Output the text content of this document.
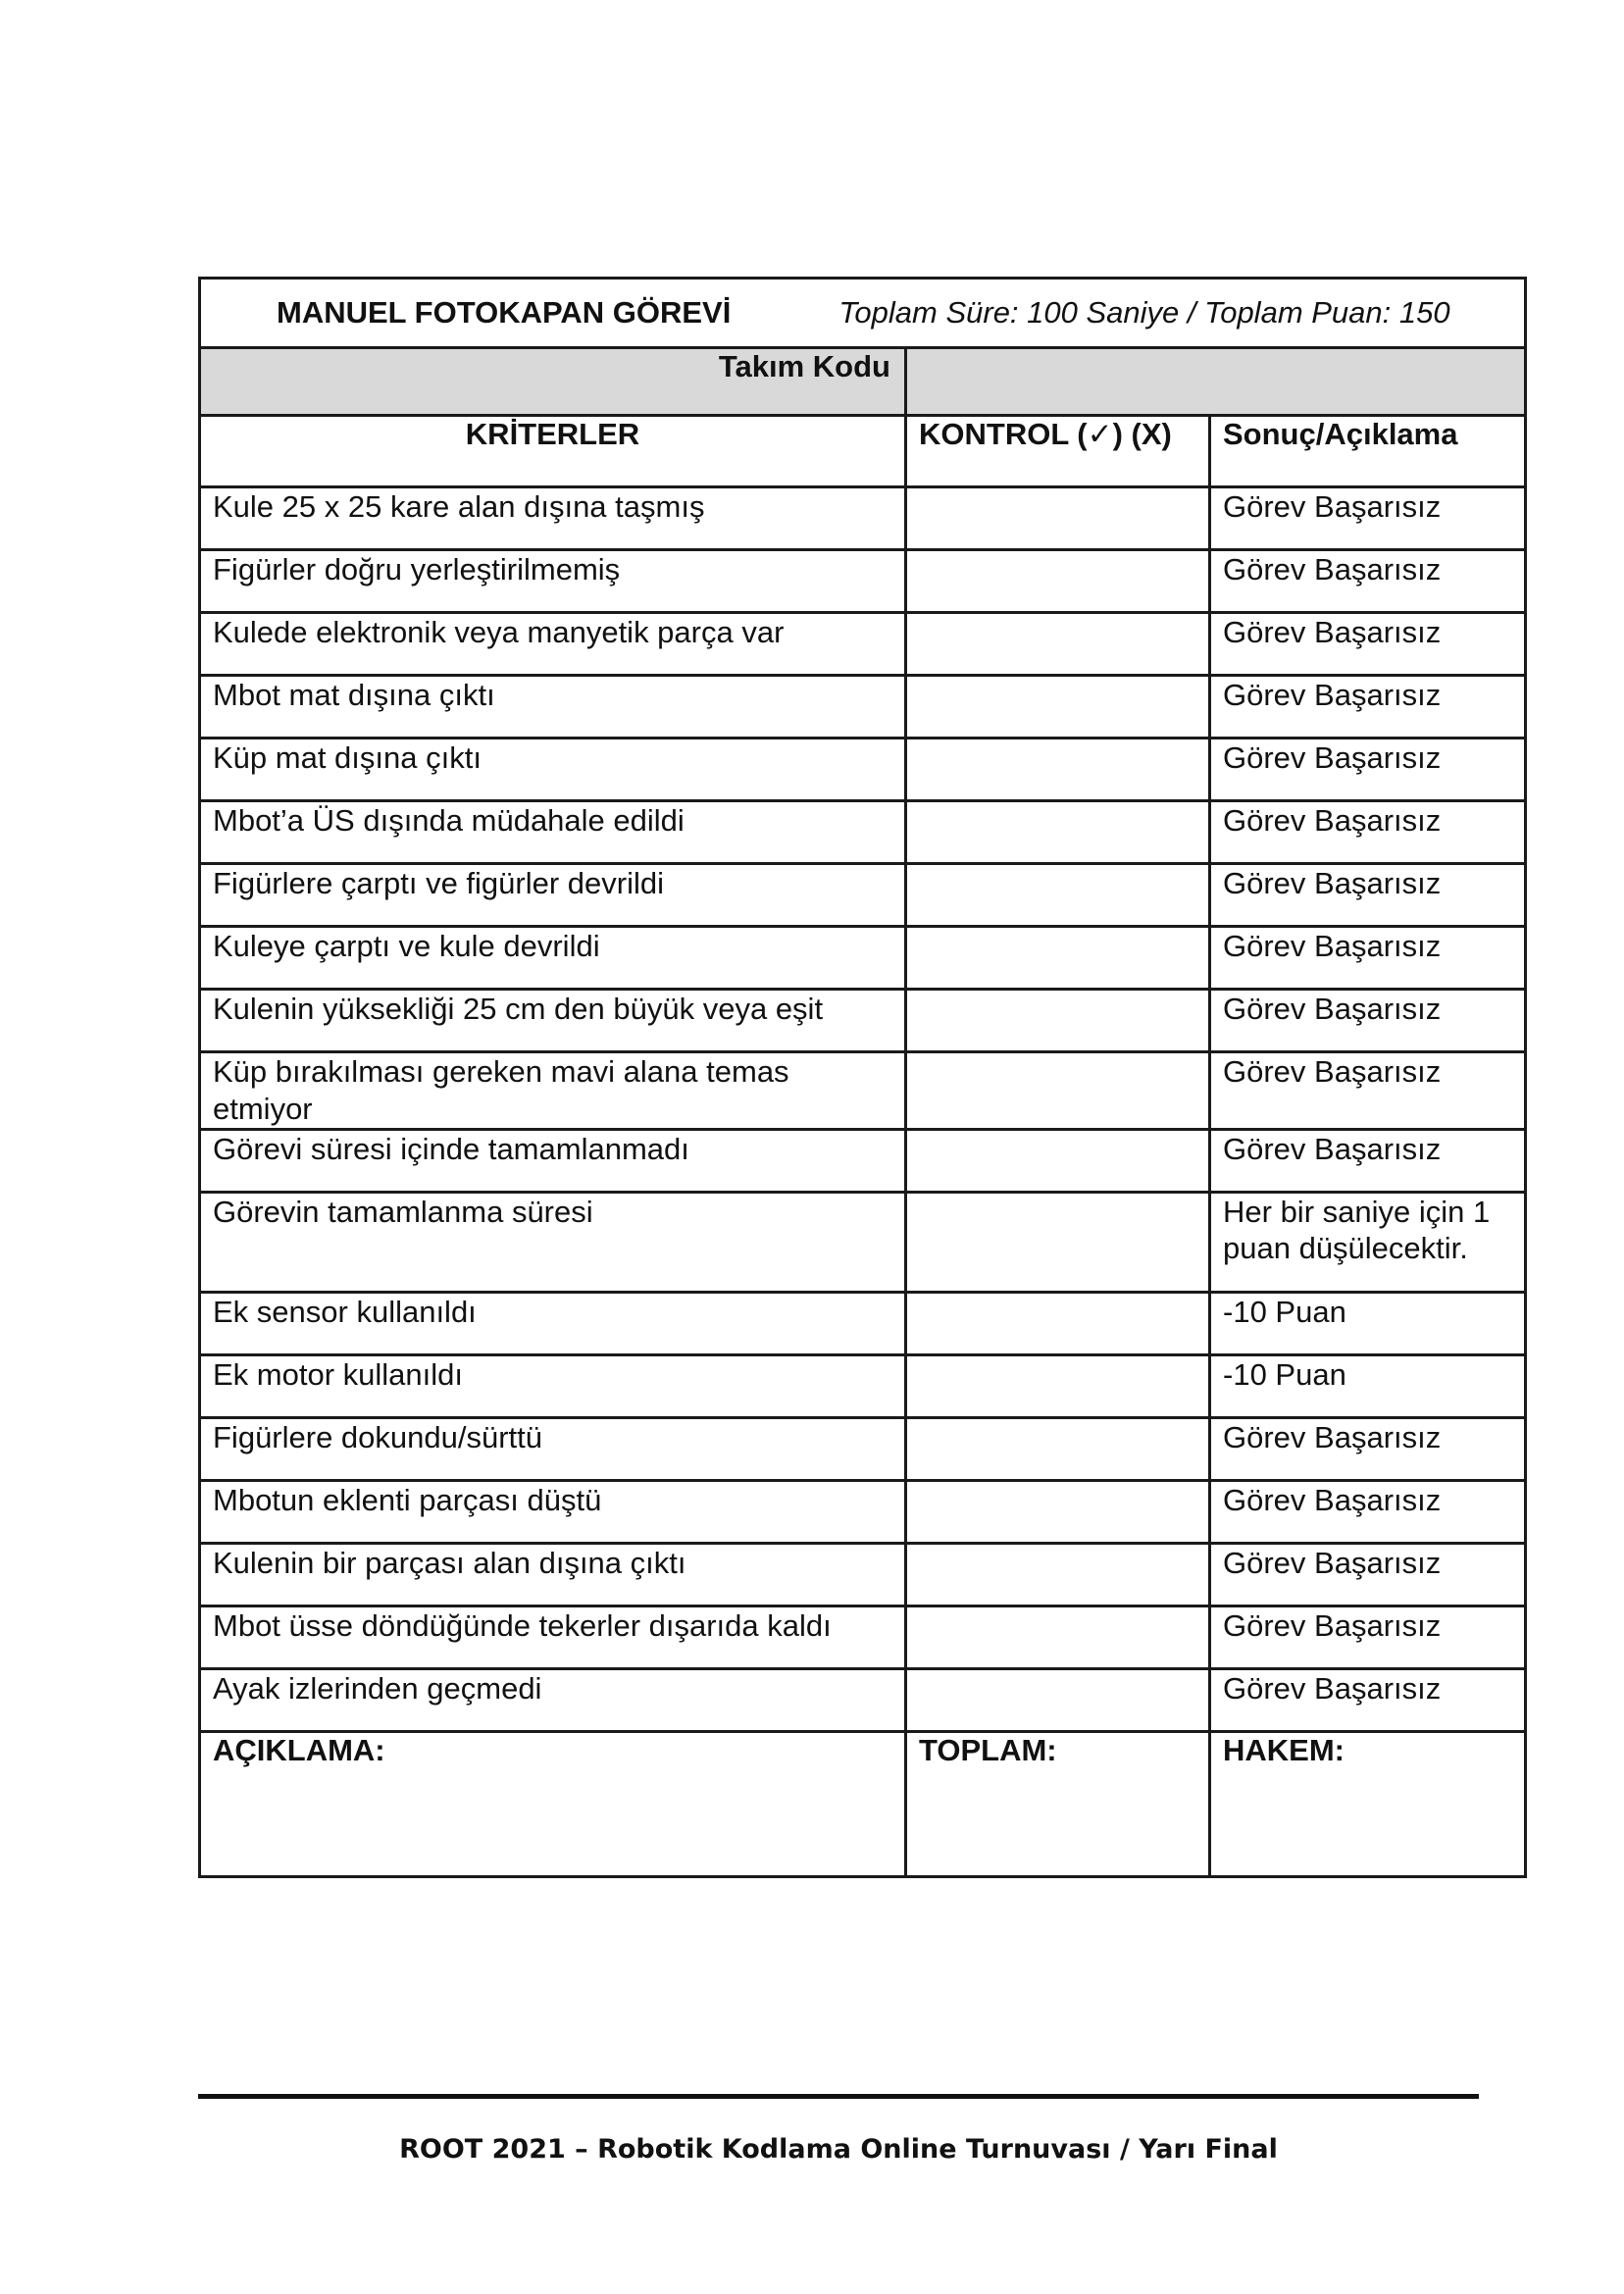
MANUEL FOTOKAPAN GÖREVİ Toplam Süre: 100 Saniye / Toplam Puan: 150		

Takım Kodu		
KRİTERLER	KONTROL (✓) (X)	Sonuç/Açıklama
Kule 25 x 25 kare alan dışına taşmış		Görev Başarısız
Figürler doğru yerleştirilmemiş		Görev Başarısız
Kulede elektronik veya manyetik parça var		Görev Başarısız
Mbot mat dışına çıktı		Görev Başarısız
Küp mat dışına çıktı		Görev Başarısız
Mbot’a ÜS dışında müdahale edildi		Görev Başarısız
Figürlere çarptı ve figürler devrildi		Görev Başarısız
Kuleye çarptı ve kule devrildi		Görev Başarısız
Kulenin yüksekliği 25 cm den büyük veya eşit		Görev Başarısız
Küp bırakılması gereken mavi alana temas etmiyor		Görev Başarısız
Görevi süresi içinde tamamlanmadı		Görev Başarısız
Görevin tamamlanma süresi		Her bir saniye için 1 puan düşülecektir.
Ek sensor kullanıldı		-10 Puan
Ek motor kullanıldı		-10 Puan
Figürlere dokundu/sürttü		Görev Başarısız
Mbotun eklenti parçası düştü		Görev Başarısız
Kulenin bir parçası alan dışına çıktı		Görev Başarısız
Mbot üsse döndüğünde tekerler dışarıda kaldı		Görev Başarısız
Ayak izlerinden geçmedi		Görev Başarısız
AÇIKLAMA:	TOPLAM:	HAKEM:
ROOT 2021 – Robotik Kodlama Online Turnuvası / Yarı Final
